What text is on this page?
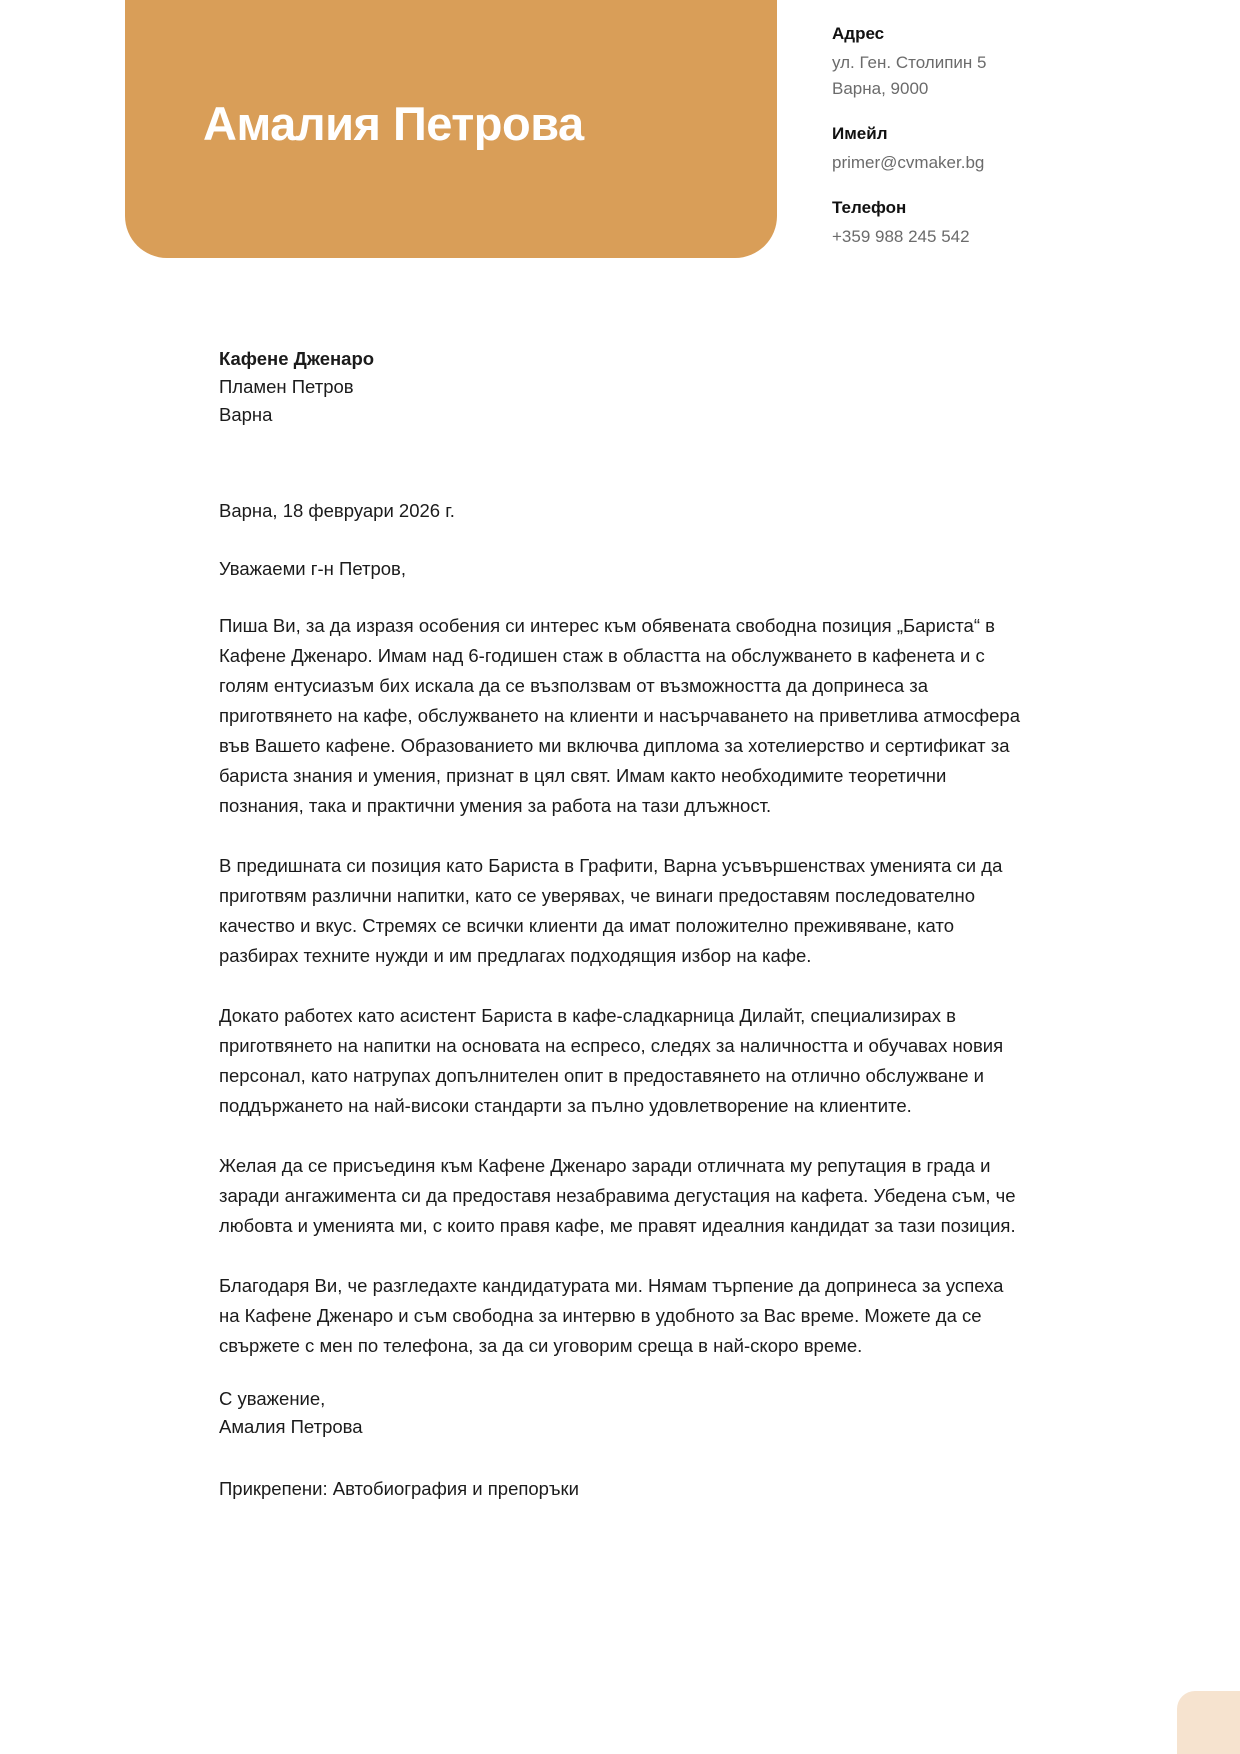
Амалия Петрова
Адрес
ул. Ген. Столипин 5
Варна, 9000
Имейл
primer@cvmaker.bg
Телефон
+359 988 245 542
Кафене Дженаро
Пламен Петров
Варна
Варна, 18 февруари 2026 г.
Уважаеми г-н Петров,

Пиша Ви, за да изразя особения си интерес към обявената свободна позиция „Бариста“ в Кафене Дженаро. Имам над 6-годишен стаж в областта на обслужването в кафенета и с голям ентусиазъм бих искала да се възползвам от възможността да допринеса за приготвянето на кафе, обслужването на клиенти и насърчаването на приветлива атмосфера във Вашето кафене. Образованието ми включва диплома за хотелиерство и сертификат за бариста знания и умения, признат в цял свят. Имам както необходимите теоретични познания, така и практични умения за работа на тази длъжност.

В предишната си позиция като Бариста в Графити, Варна усъвършенствах уменията си да приготвям различни напитки, като се уверявах, че винаги предоставям последователно качество и вкус. Стремях се всички клиенти да имат положително преживяване, като разбирах техните нужди и им предлагах подходящия избор на кафе.

Докато работех като асистент Бариста в кафе-сладкарница Дилайт, специализирах в приготвянето на напитки на основата на еспресо, следях за наличността и обучавах новия персонал, като натрупах допълнителен опит в предоставянето на отлично обслужване и поддържането на най-високи стандарти за пълно удовлетворение на клиентите.

Желая да се присъединя към Кафене Дженаро заради отличната му репутация в града и заради ангажимента си да предоставя незабравима дегустация на кафета. Убедена съм, че любовта и уменията ми, с които правя кафе, ме правят идеалния кандидат за тази позиция.

Благодаря Ви, че разгледахте кандидатурата ми. Нямам търпение да допринеса за успеха на Кафене Дженаро и съм свободна за интервю в удобното за Вас време. Можете да се свържете с мен по телефона, за да си уговорим среща в най-скоро време.

С уважение,
Амалия Петрова
Прикрепени: Автобиография и препоръки
